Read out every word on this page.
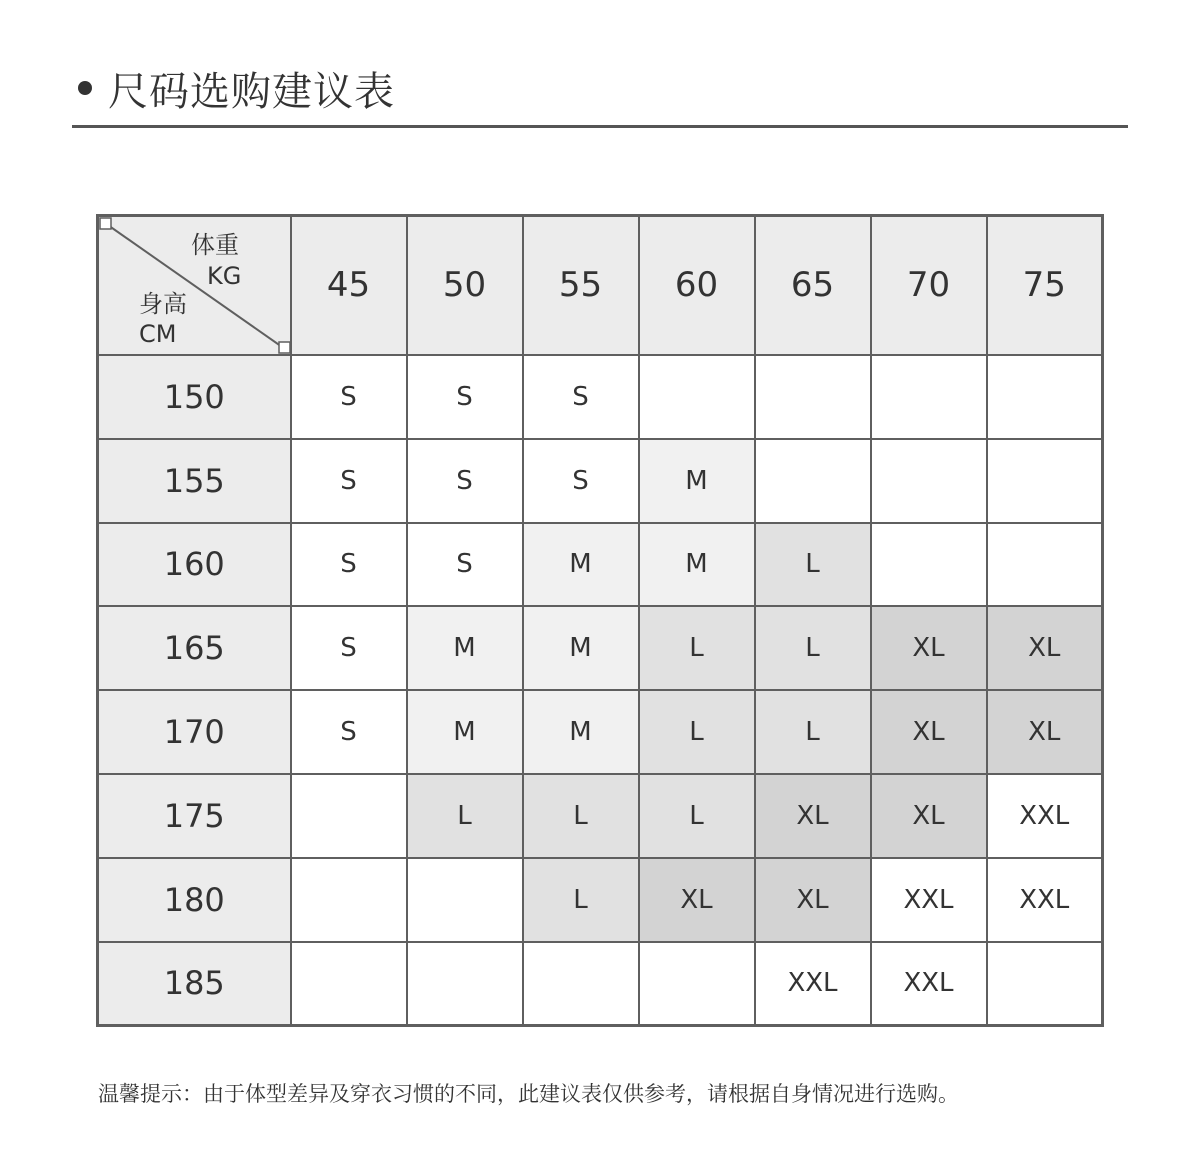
尺码选购建议表
体重
KG
身高
CM	45	50	55	60	65	70	75
150	S	S	S				
155	S	S	S	M			
160	S	S	M	M	L		
165	S	M	M	L	L	XL	XL
170	S	M	M	L	L	XL	XL
175		L	L	L	XL	XL	XXL
180			L	XL	XL	XXL	XXL
185					XXL	XXL	
温馨提示：由于体型差异及穿衣习惯的不同，此建议表仅供参考，请根据自身情况进行选购。
